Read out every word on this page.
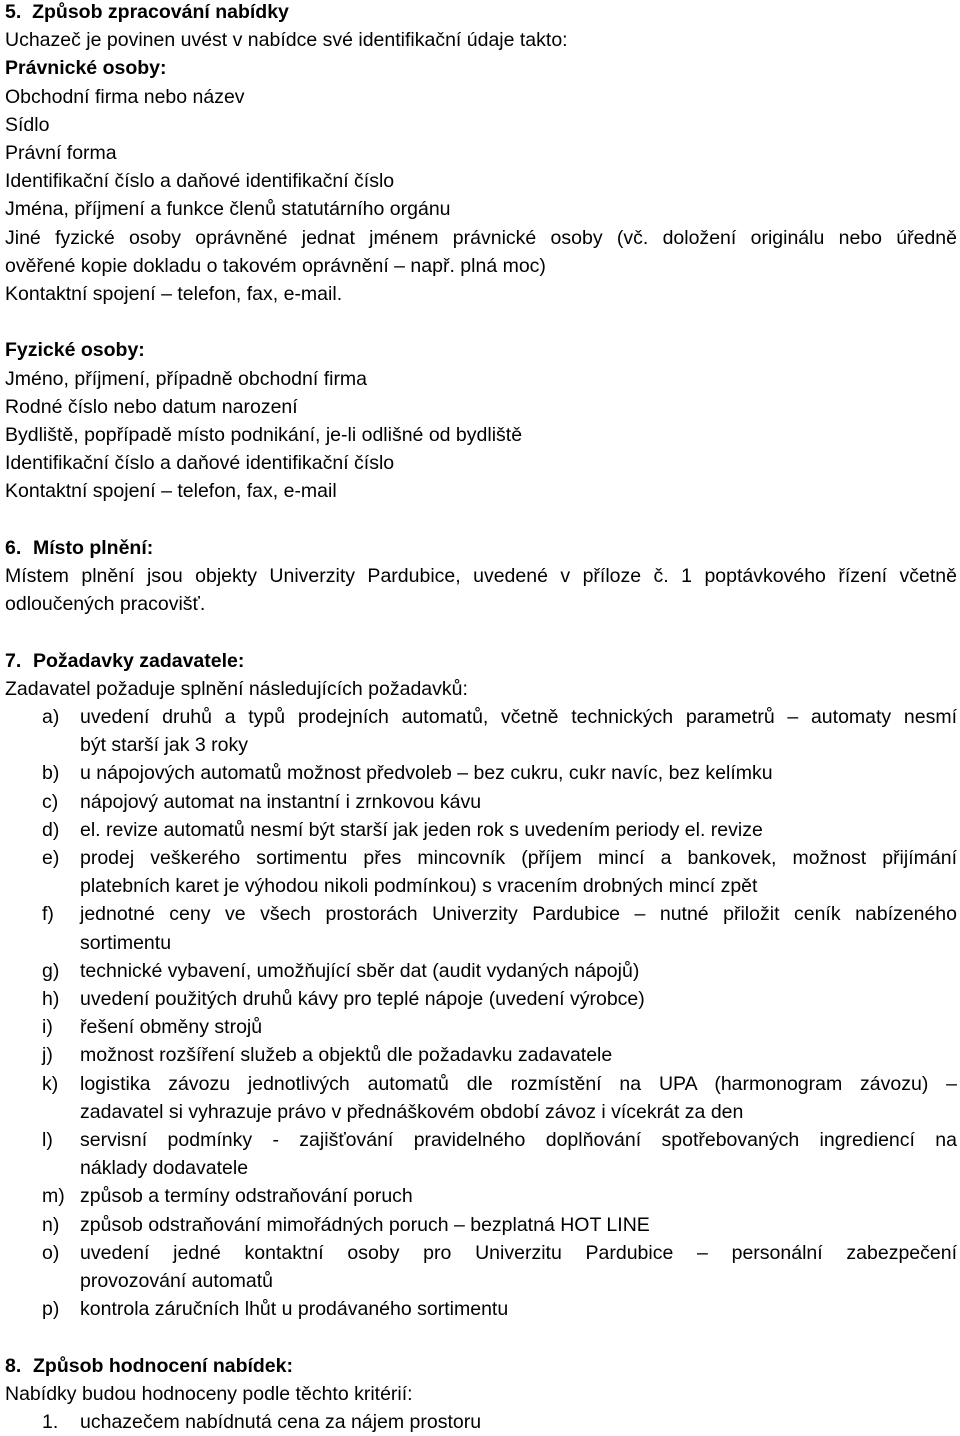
5.  Způsob zpracování nabídky
Uchazeč je povinen uvést v nabídce své identifikační údaje takto:
Právnické osoby:
Obchodní firma nebo název
Sídlo
Právní forma
Identifikační číslo a daňové identifikační číslo
Jména, příjmení a funkce členů statutárního orgánu
Jiné fyzické osoby oprávněné jednat jménem právnické osoby (vč. doložení originálu nebo úředně
ověřené kopie dokladu o takovém oprávnění – např. plná moc)
Kontaktní spojení – telefon, fax, e-mail.
Fyzické osoby:
Jméno, příjmení, případně obchodní firma
Rodné číslo nebo datum narození
Bydliště, popřípadě místo podnikání, je-li odlišné od bydliště
Identifikační číslo a daňové identifikační číslo
Kontaktní spojení – telefon, fax, e-mail
6. Místo plnění:
Místem plnění jsou objekty Univerzity Pardubice, uvedené v příloze č. 1 poptávkového řízení včetně
odloučených pracovišť.
7. Požadavky zadavatele:
Zadavatel požaduje splnění následujících požadavků:
a) uvedení druhů a typů prodejních automatů, včetně technických parametrů – automaty nesmí
být starší jak 3 roky
b) u nápojových automatů možnost předvoleb – bez cukru, cukr navíc, bez kelímku
c) nápojový automat na instantní i zrnkovou kávu
d) el. revize automatů nesmí být starší jak jeden rok s uvedením periody el. revize
e) prodej veškerého sortimentu přes mincovník (příjem mincí a bankovek, možnost přijímání
platebních karet je výhodou nikoli podmínkou) s vracením drobných mincí zpět
f) jednotné ceny ve všech prostorách Univerzity Pardubice – nutné přiložit ceník nabízeného
sortimentu
g) technické vybavení, umožňující sběr dat (audit vydaných nápojů)
h) uvedení použitých druhů kávy pro teplé nápoje (uvedení výrobce)
i) řešení obměny strojů
j) možnost rozšíření služeb a objektů dle požadavku zadavatele
k) logistika závozu jednotlivých automatů dle rozmístění na UPA (harmonogram závozu) –
zadavatel si vyhrazuje právo v přednáškovém období závoz i vícekrát za den
l) servisní podmínky - zajišťování pravidelného doplňování spotřebovaných ingrediencí na
náklady dodavatele
m) způsob a termíny odstraňování poruch
n) způsob odstraňování mimořádných poruch – bezplatná HOT LINE
o) uvedení jedné kontaktní osoby pro Univerzitu Pardubice – personální zabezpečení
provozování automatů
p) kontrola záručních lhůt u prodávaného sortimentu
8. Způsob hodnocení nabídek:
Nabídky budou hodnoceny podle těchto kritérií:
1. uchazečem nabídnutá cena za nájem prostoru
